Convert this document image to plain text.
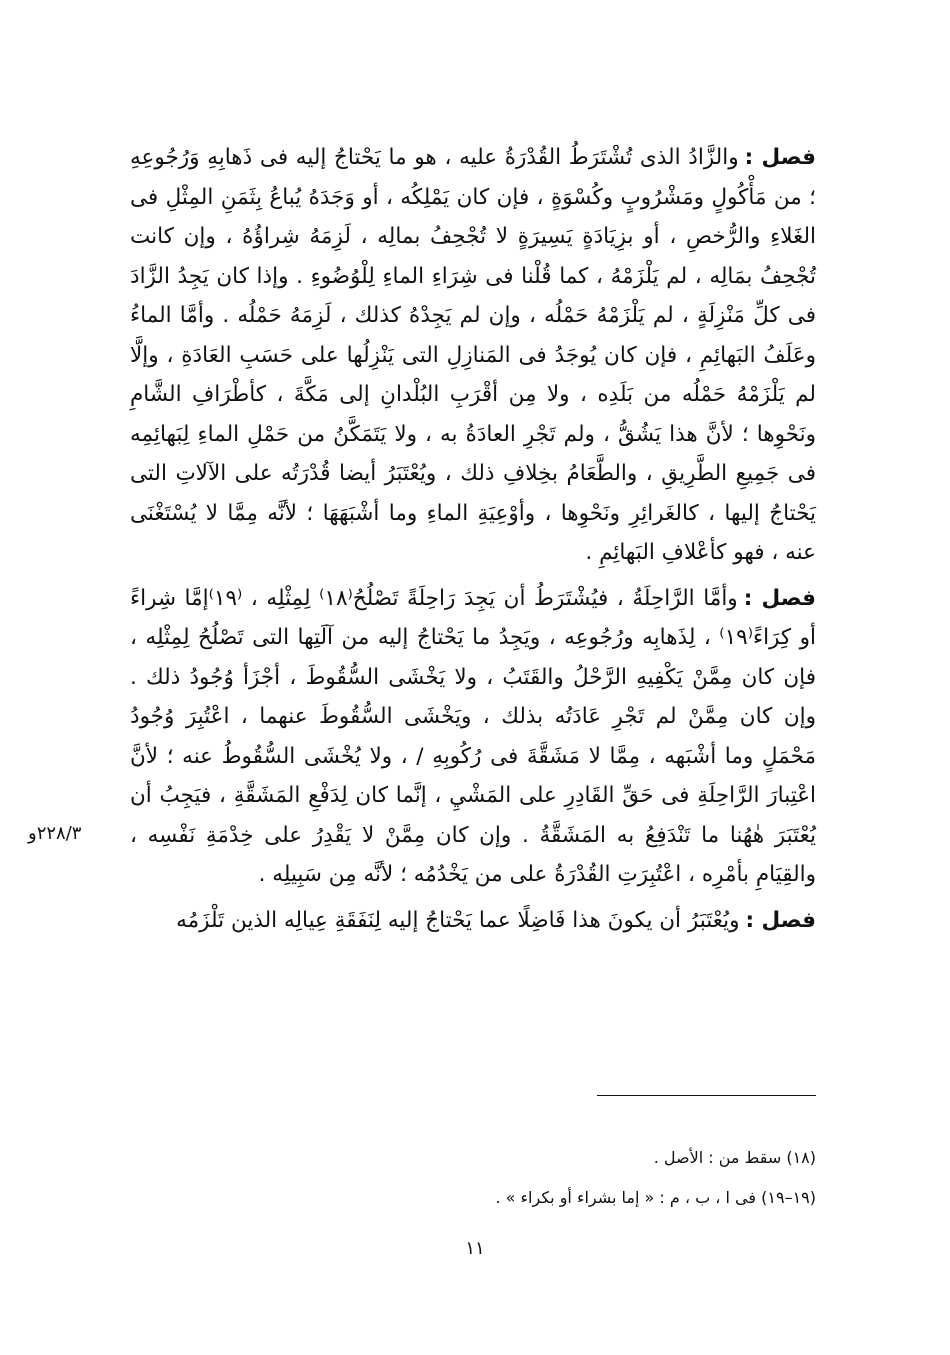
فصل :والزَّادُ الذى تُشْتَرَطُ القُدْرَةُ عليه ، هو ما يَحْتاجُ إليه فى ذَهابِهِ وَرُجُوعِهِ ؛ من مَأْكُولٍ ومَشْرُوبٍ وكُسْوَةٍ ، فإن كان يَمْلِكُه ، أو وَجَدَهُ يُباعُ بِثَمَنِ المِثْلِ فى الغَلاءِ والرُّخصِ ، أو بزِيَادَةٍ يَسِيرَةٍ لا تُجْحِفُ بمالِه ، لَزِمَهُ شِراؤُهُ ، وإن كانت تُجْحِفُ بمَالِه ، لم يَلْزَمْهُ ، كما قُلْنا فى شِرَاءِ الماءِ لِلْوُضُوءِ . وإذا كان يَجِدُ الزَّادَ فى كلِّ مَنْزِلَةٍ ، لم يَلْزَمْهُ حَمْلُه ، وإن لم يَجِدْهُ كذلك ، لَزِمَهُ حَمْلُه . وأمَّا الماءُ وعَلَفُ البَهائِمِ ، فإن كان يُوجَدُ فى المَنازِلِ التى يَنْزِلُها على حَسَبِ العَادَةِ ، وإلَّا لم يَلْزَمْهُ حَمْلُه من بَلَدِه ، ولا مِن أقْرَبِ البُلْدانِ إلى مَكَّةَ ، كأطْرَافِ الشَّامِ ونَحْوِها ؛ لأنَّ هذا يَشُقُّ ، ولم تَجْرِ العادَةُ به ، ولا يَتَمَكَّنُ من حَمْلِ الماءِ لِبَهائِمِه فى جَمِيعِ الطَّرِيقِ ، والطَّعَامُ بخِلافِ ذلك ، ويُعْتَبَرُ أيضا قُدْرَتُه على الآلاتِ التى يَحْتاجُ إليها ، كالغَرائِرِ ونَحْوِها ، وأوْعِيَةِ الماءِ وما أشْبَهَهَا ؛ لأنَّه مِمَّا لا يُسْتَغْنَى عنه ، فهو كأعْلافِ البَهائِمِ .

فصل :وأمَّا الرَّاحِلَةُ ، فيُشْتَرَطُ أن يَجِدَ رَاحِلَةً تَصْلُحُ⁽١٨⁾ لِمِثْلِه ، ⁽١٩⁾إمَّا شِراءً أو كِرَاءً⁽١٩⁾ ، لِذَهابِه ورُجُوعِه ، ويَجِدُ ما يَحْتاجُ إليه من آلَتِها التى تَصْلُحُ لِمِثْلِه ، فإن كان مِمَّنْ يَكْفِيهِ الرَّحْلُ والقَتَبُ ، ولا يَخْشَى السُّقُوطَ ، أجْزَأ وُجُودُ ذلك . وإن كان مِمَّنْ لم تَجْرِ عَادَتُه بذلك ، ويَخْشَى السُّقُوطَ عنهما ، اعْتُبِرَ وُجُودُ مَحْمَلٍ وما أشْبَهه ، مِمَّا لا مَشَقَّةَ فى رُكُوبِهِ / ، ولا يُخْشَى السُّقُوطُ عنه ؛ لأنَّ اعْتِبارَ الرَّاحِلَةِ فى حَقِّ القَادِرِ على المَشْيِ ، إنَّما كان لِدَفْعِ المَشَقَّةِ ، فيَجِبُ أن يُعْتَبَرَ هٰهُنا ما تَنْدَفِعُ به المَشَقَّةُ . وإن كان مِمَّنْ لا يَقْدِرُ على خِدْمَةِ نَفْسِه ، والقِيَامِ بأمْرِه ، اعْتُبِرَتِ القُدْرَةُ على من يَخْدُمُه ؛ لأنَّه مِن سَبِيلِه .

فصل :ويُعْتَبَرُ أن يكونَ هذا فَاضِلًا عما يَحْتاجُ إليه لِنَفَقَةِ عِيالِه الذين تَلْزَمُه

٢٢٨/٣و

(١٨) سقط من : الأصل .

(١٩–١٩) فى ا ، ب ، م : « إما بشراء أو بكراء » .

١١
